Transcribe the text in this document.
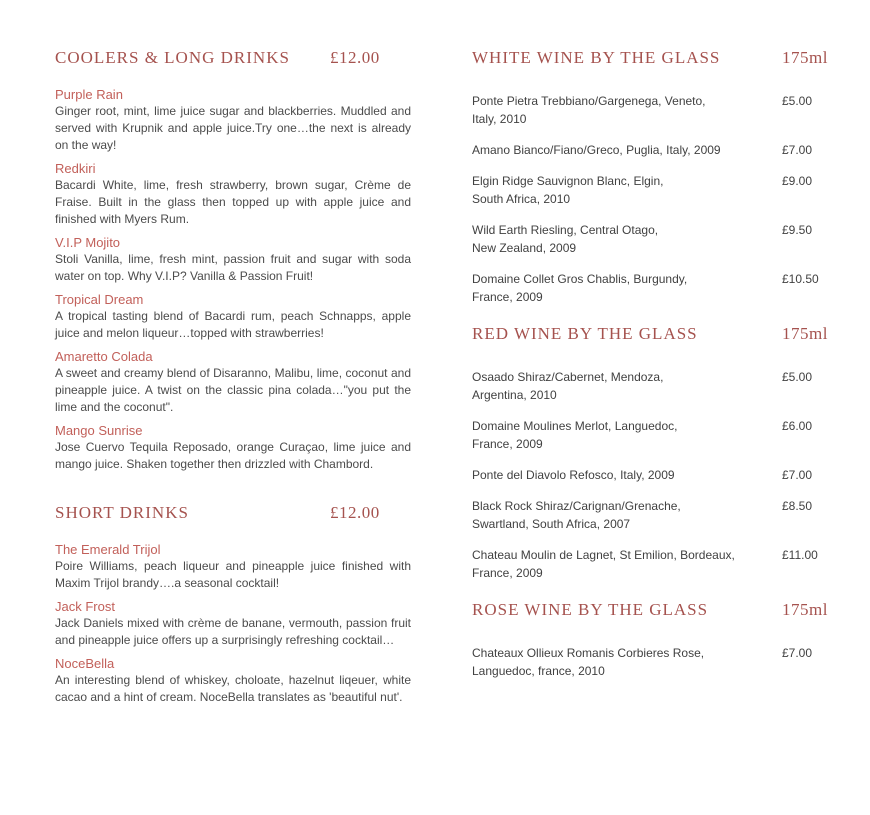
COOLERS & LONG DRINKS	£12.00
Purple Rain

Ginger root, mint, lime juice sugar and blackberries. Muddled and served with Krupnik and apple juice.Try one…the next is already on the way!

Redkiri

Bacardi White, lime, fresh strawberry, brown sugar, Crème de Fraise. Built in the glass then topped up with apple juice and finished with Myers Rum.

V.I.P Mojito

Stoli Vanilla, lime, fresh mint, passion fruit and sugar with soda water on top. Why V.I.P? Vanilla & Passion Fruit!

Tropical Dream

A tropical tasting blend of Bacardi rum, peach Schnapps, apple juice and melon liqueur…topped with strawberries!

Amaretto Colada

A sweet and creamy blend of Disaranno, Malibu, lime, coconut and pineapple juice. A twist on the classic pina colada…"you put the lime and the coconut".

Mango Sunrise

Jose Cuervo Tequila Reposado, orange Curaçao, lime juice and mango juice. Shaken together then drizzled with Chambord.

SHORT DRINKS	£12.00
The Emerald Trijol

Poire Williams, peach liqueur and pineapple juice finished with Maxim Trijol brandy….a seasonal cocktail!

Jack Frost

Jack Daniels mixed with crème de banane, vermouth, passion fruit and pineapple juice offers up a surprisingly refreshing cocktail…

NoceBella

An interesting blend of whiskey, choloate, hazelnut liqeuer, white cacao and a hint of cream. NoceBella translates as 'beautiful nut'.

WHITE WINE BY THE GLASS	175ml
Ponte Pietra Trebbiano/Gargenega, Veneto,
Italy, 2010
£5.00
Amano Bianco/Fiano/Greco, Puglia, Italy, 2009	£7.00
Elgin Ridge Sauvignon Blanc, Elgin,
South Africa, 2010
£9.00
Wild Earth Riesling, Central Otago,
New Zealand, 2009
£9.50
Domaine Collet Gros Chablis, Burgundy,
France, 2009
£10.50
RED WINE BY THE GLASS	175ml
Osaado Shiraz/Cabernet, Mendoza,
Argentina, 2010
£5.00
Domaine Moulines Merlot, Languedoc,
France, 2009
£6.00
Ponte del Diavolo Refosco, Italy, 2009	£7.00
Black Rock Shiraz/Carignan/Grenache,
Swartland, South Africa, 2007
£8.50
Chateau Moulin de Lagnet, St Emilion, Bordeaux,
France, 2009
£11.00
ROSE WINE BY THE GLASS	175ml
Chateaux Ollieux Romanis Corbieres Rose,
Languedoc, france, 2010
£7.00
